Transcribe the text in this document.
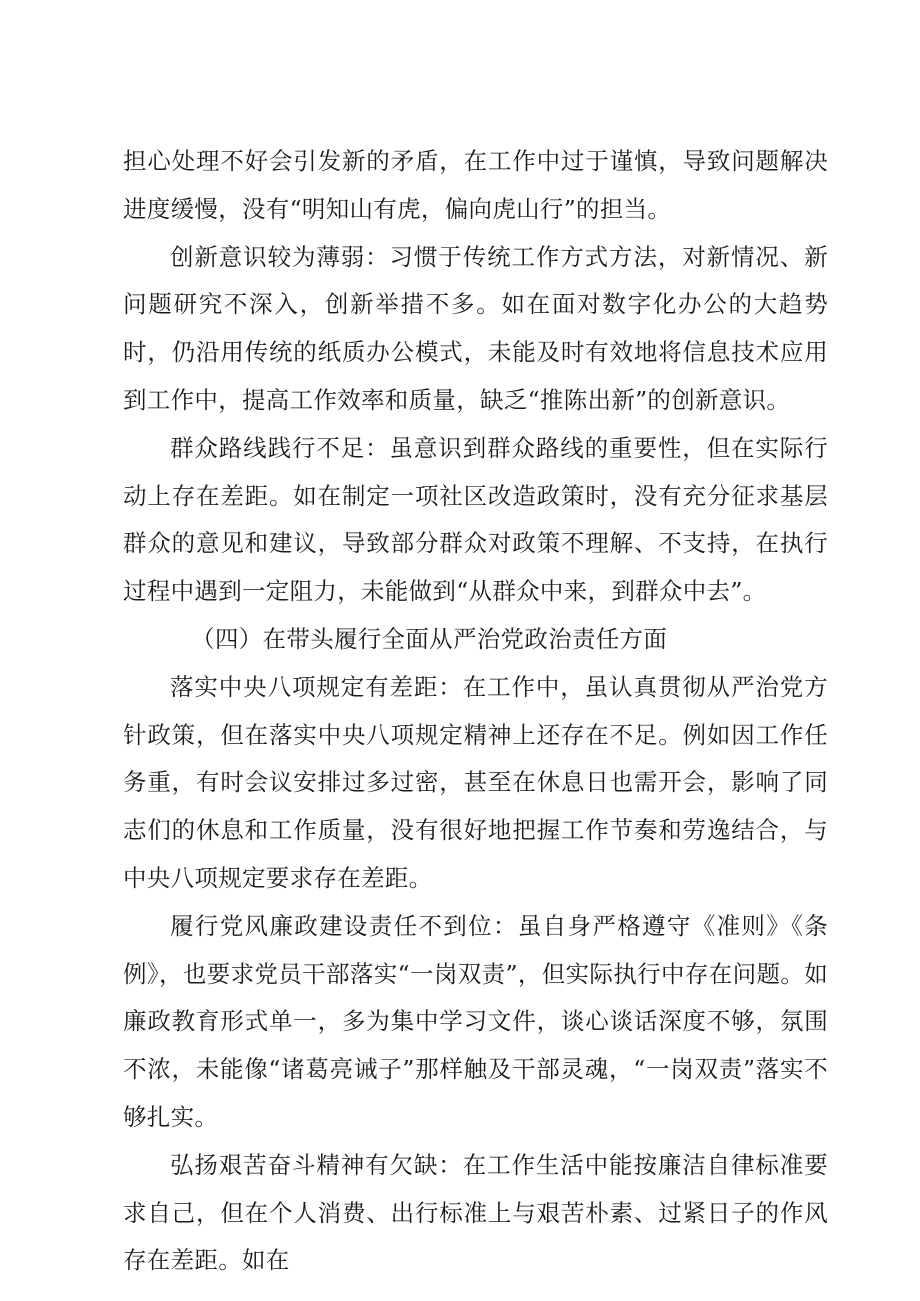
担心处理不好会引发新的矛盾，在工作中过于谨慎，导致问题解决进度缓慢，没有“明知山有虎，偏向虎山行”的担当。

创新意识较为薄弱：习惯于传统工作方式方法，对新情况、新问题研究不深入，创新举措不多。如在面对数字化办公的大趋势时，仍沿用传统的纸质办公模式，未能及时有效地将信息技术应用到工作中，提高工作效率和质量，缺乏“推陈出新”的创新意识。

群众路线践行不足：虽意识到群众路线的重要性，但在实际行动上存在差距。如在制定一项社区改造政策时，没有充分征求基层群众的意见和建议，导致部分群众对政策不理解、不支持，在执行过程中遇到一定阻力，未能做到“从群众中来，到群众中去”。

（四）在带头履行全面从严治党政治责任方面

落实中央八项规定有差距：在工作中，虽认真贯彻从严治党方针政策，但在落实中央八项规定精神上还存在不足。例如因工作任务重，有时会议安排过多过密，甚至在休息日也需开会，影响了同志们的休息和工作质量，没有很好地把握工作节奏和劳逸结合，与中央八项规定要求存在差距。

履行党风廉政建设责任不到位：虽自身严格遵守《准则》《条例》，也要求党员干部落实“一岗双责”，但实际执行中存在问题。如廉政教育形式单一，多为集中学习文件，谈心谈话深度不够，氛围不浓，未能像“诸葛亮诫子”那样触及干部灵魂，“一岗双责”落实不够扎实。

弘扬艰苦奋斗精神有欠缺：在工作生活中能按廉洁自律标准要求自己，但在个人消费、出行标准上与艰苦朴素、过紧日子的作风存在差距。如在
